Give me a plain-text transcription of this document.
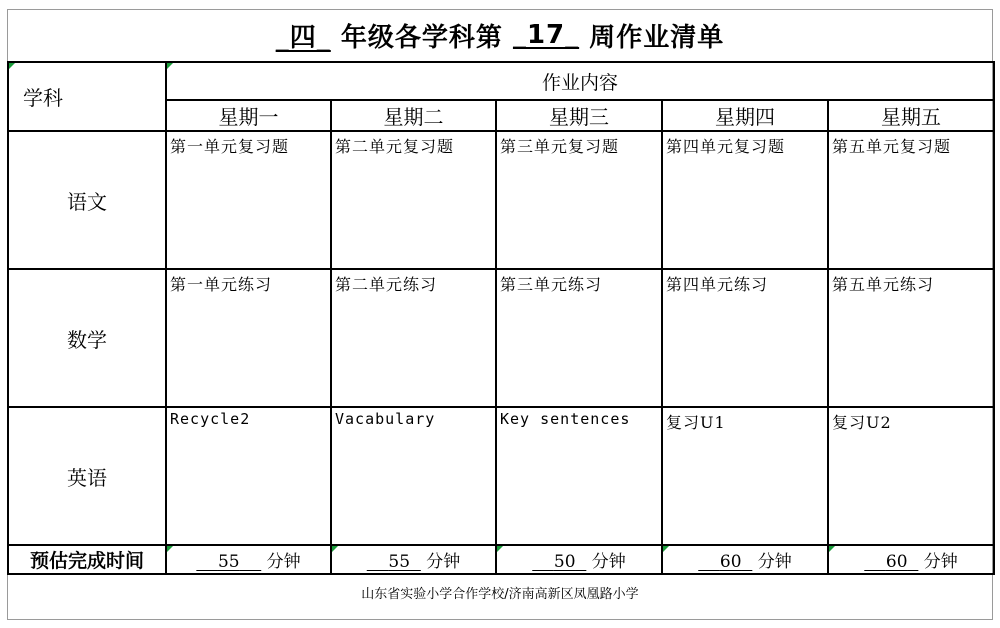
_四_
年级各学科第
_17_
周作业清单
学科	作业内容				
	星期一	星期二	星期三	星期四	星期五
语文	第一单元复习题	第二单元复习题	第三单元复习题	第四单元复习题	第五单元复习题
数学	第一单元练习	第二单元练习	第三单元练习	第四单元练习	第五单元练习
英语	Recycle2	Vacabulary	Key sentences	复习U1	复习U2
预估完成时间	55 分钟	55 分钟	50 分钟	60 分钟	60 分钟
山东省实验小学合作学校/济南高新区凤凰路小学
